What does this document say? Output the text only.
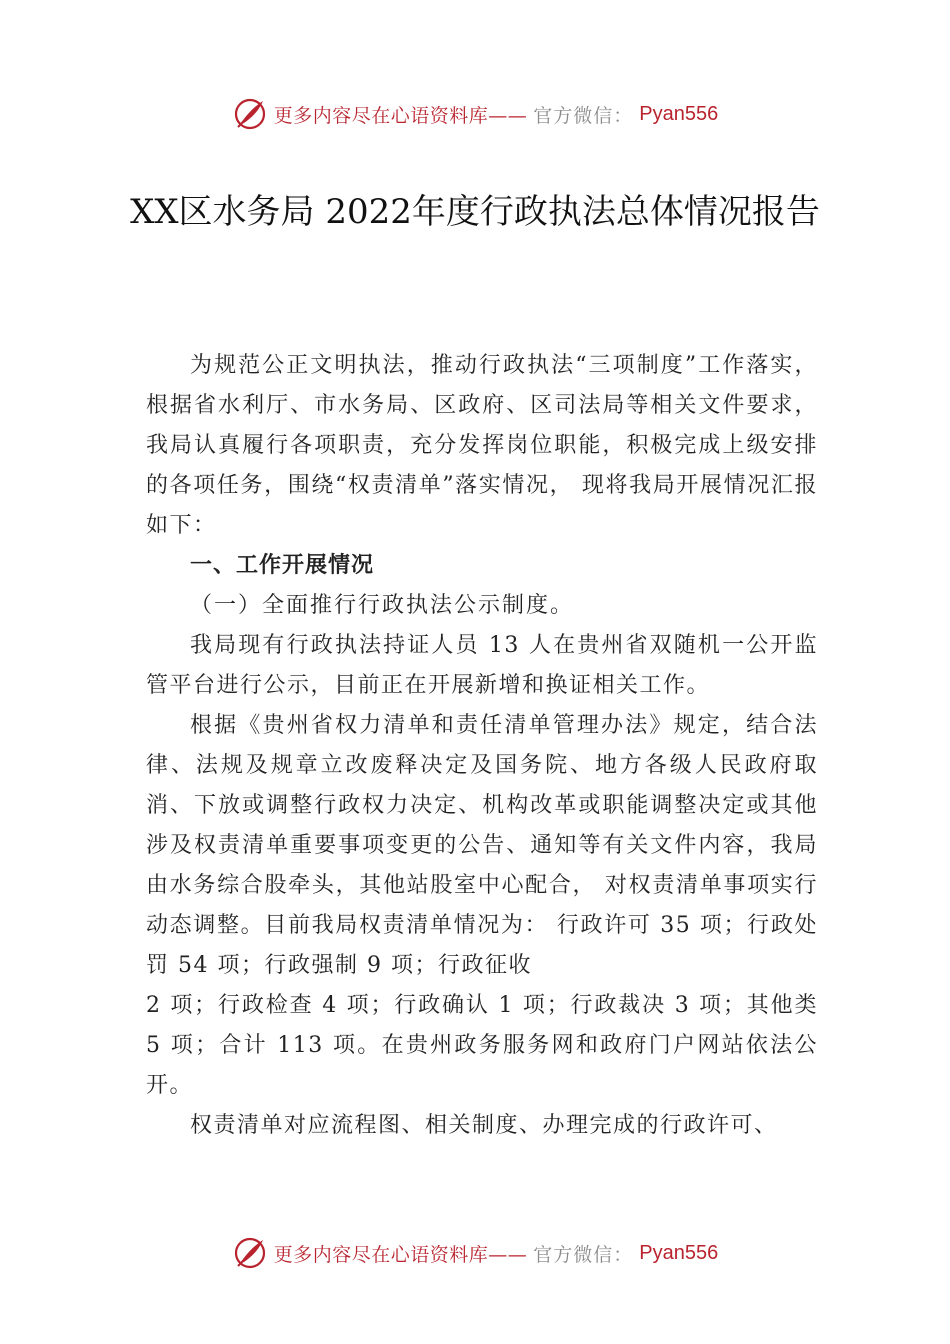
更多内容尽在心语资料库—— 官方微信： Pyan556
XX区水务局 2022年度行政执法总体情况报告

为规范公正文明执法，推动行政执法“三项制度”工作落实，根据省水利厅、市水务局、区政府、区司法局等相关文件要求，我局认真履行各项职责，充分发挥岗位职能，积极完成上级安排的各项任务，围绕“权责清单”落实情况， 现将我局开展情况汇报如下：

一、工作开展情况

（一）全面推行行政执法公示制度。

我局现有行政执法持证人员 13 人在贵州省双随机一公开监管平台进行公示，目前正在开展新增和换证相关工作。

根据《贵州省权力清单和责任清单管理办法》规定，结合法律、法规及规章立改废释决定及国务院、地方各级人民政府取消、下放或调整行政权力决定、机构改革或职能调整决定或其他涉及权责清单重要事项变更的公告、通知等有关文件内容，我局由水务综合股牵头，其他站股室中心配合， 对权责清单事项实行动态调整。目前我局权责清单情况为： 行政许可 35 项；行政处罚 54 项；行政强制 9 项；行政征收

2 项；行政检查 4 项；行政确认 1 项；行政裁决 3 项；其他类 5 项；合计 113 项。在贵州政务服务网和政府门户网站依法公开。

权责清单对应流程图、相关制度、办理完成的行政许可、

更多内容尽在心语资料库—— 官方微信： Pyan556
